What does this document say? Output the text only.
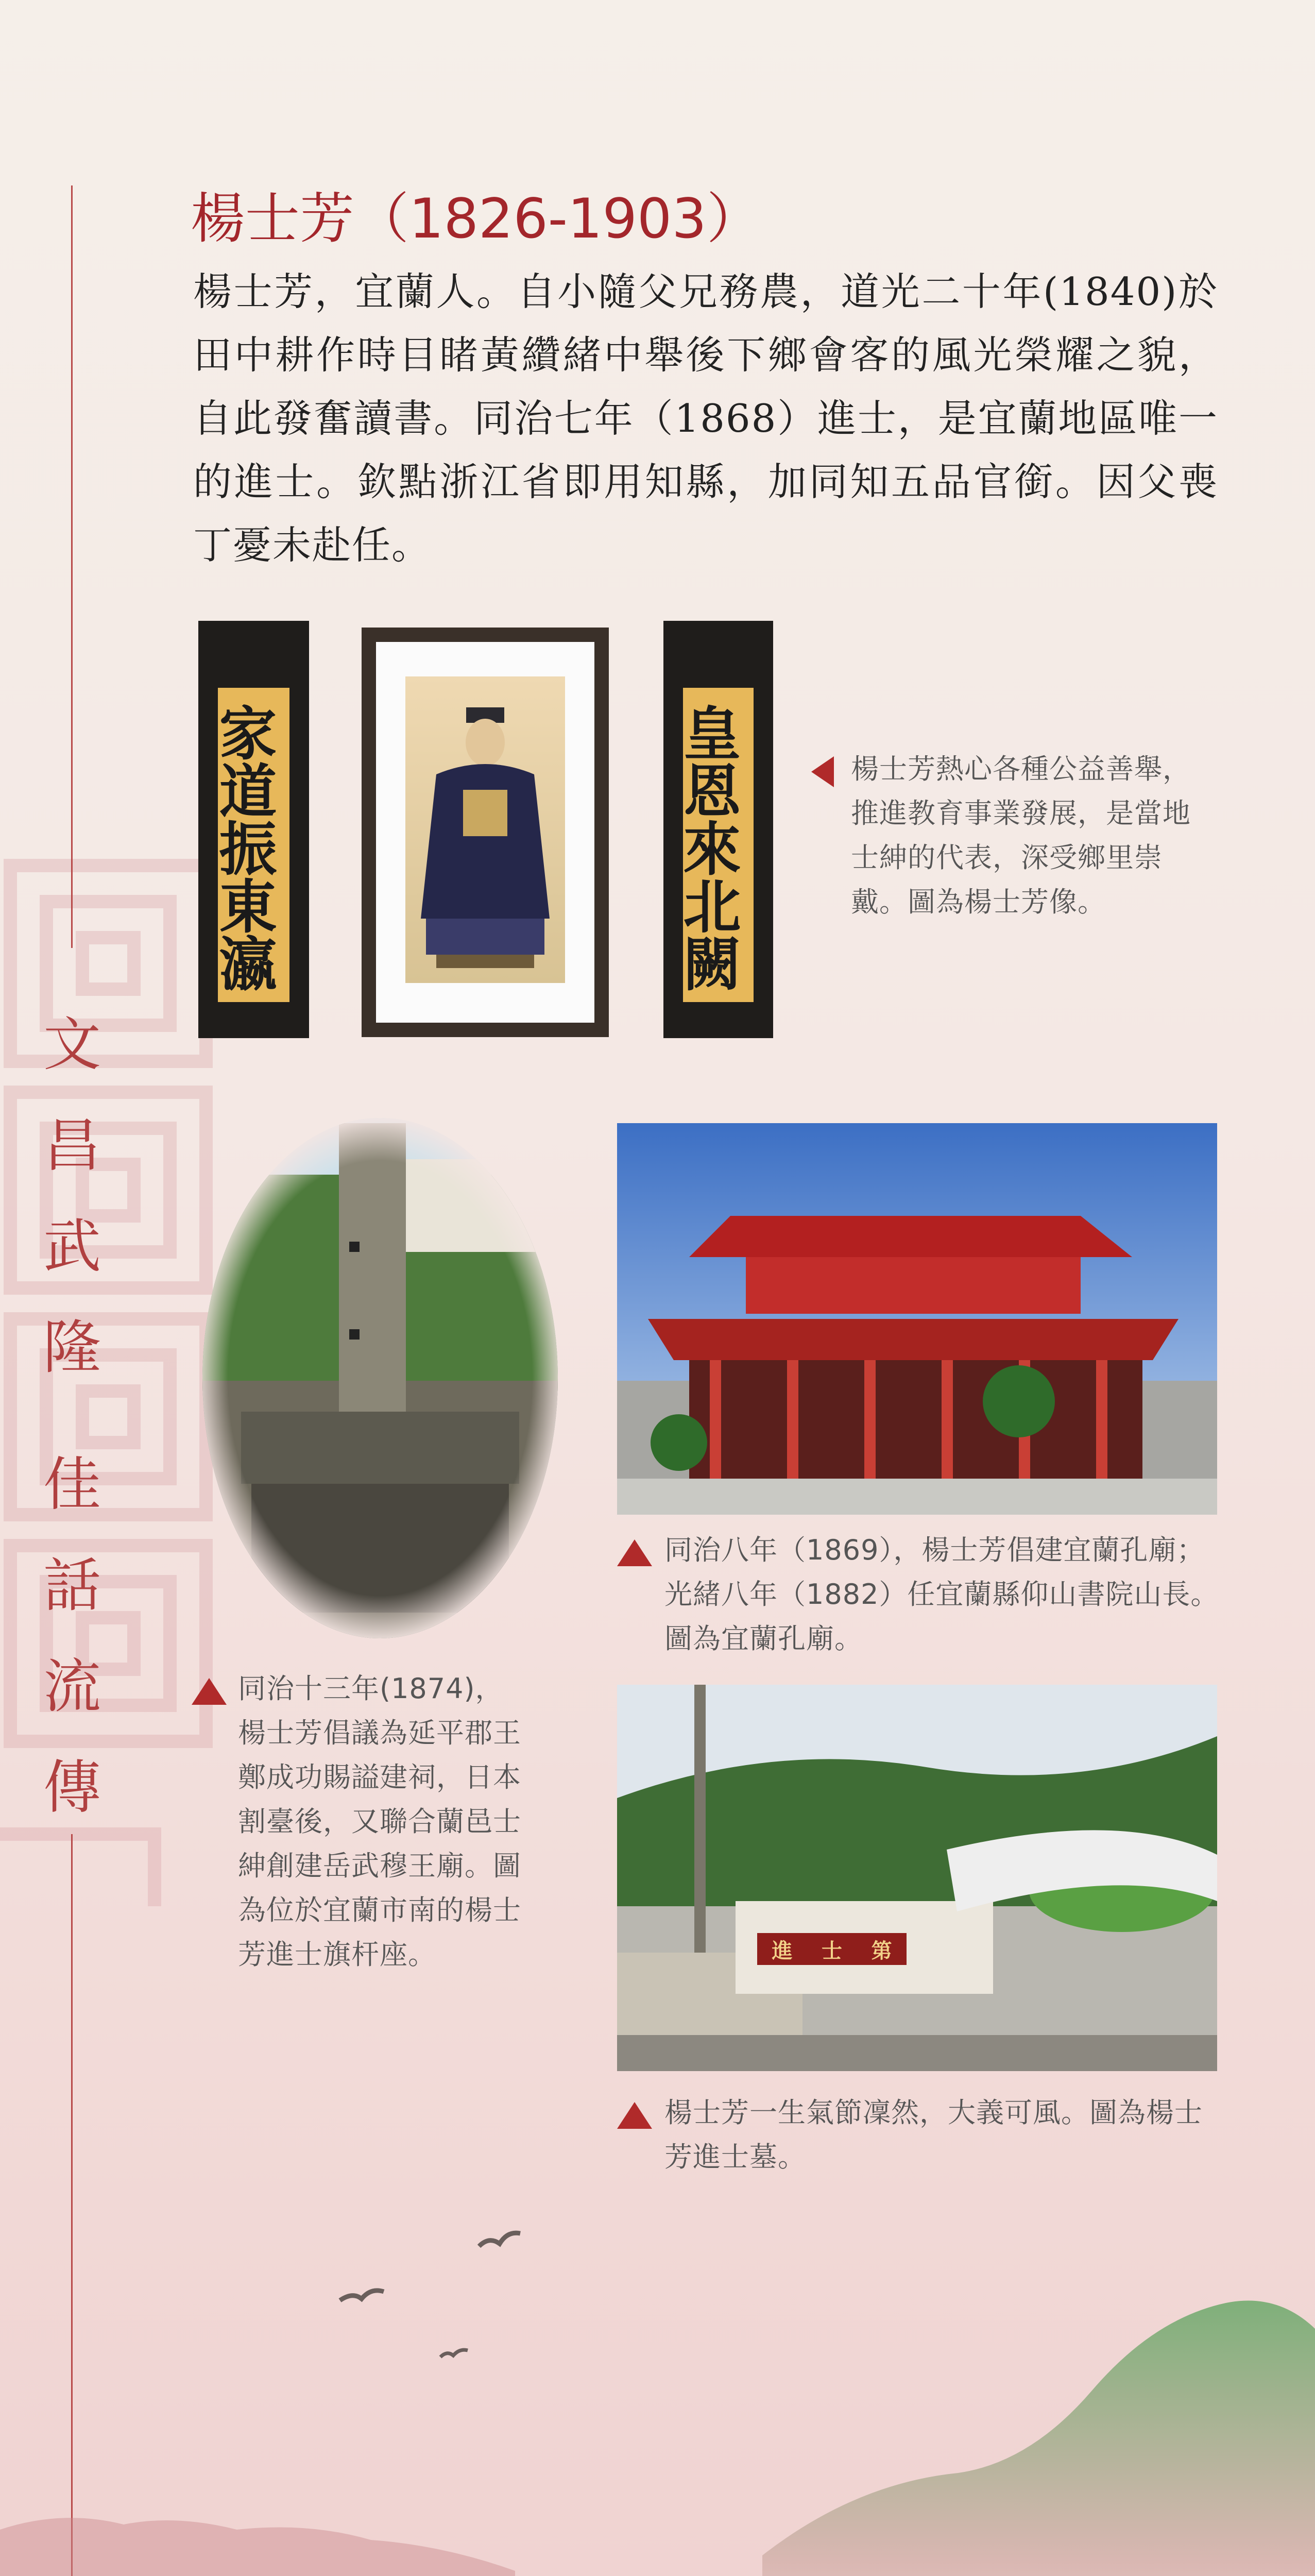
文
昌
武
隆
佳
話
流
傳
楊士芳（1826-1903）
楊士芳，宜蘭人。自小隨父兄務農，道光二十年(1840)於田中耕作時目睹黃纘緒中舉後下鄉會客的風光榮耀之貌，自此發奮讀書。同治七年（1868）進士，是宜蘭地區唯一的進士。欽點浙江省即用知縣，加同知五品官銜。因父喪丁憂未赴任。
家道振東瀛	皇恩來北闕	楊士芳熱心各種公益善舉，推進教育事業發展，是當地士紳的代表，深受鄉里崇戴。圖為楊士芳像。
同治八年（1869），楊士芳倡建宜蘭孔廟；光緒八年（1882）任宜蘭縣仰山書院山長。圖為宜蘭孔廟。
同治十三年(1874)，楊士芳倡議為延平郡王鄭成功賜謚建祠，日本割臺後，又聯合蘭邑士紳創建岳武穆王廟。圖為位於宜蘭市南的楊士芳進士旗杆座。	進 士 第
楊士芳一生氣節凜然，大義可風。圖為楊士芳進士墓。
